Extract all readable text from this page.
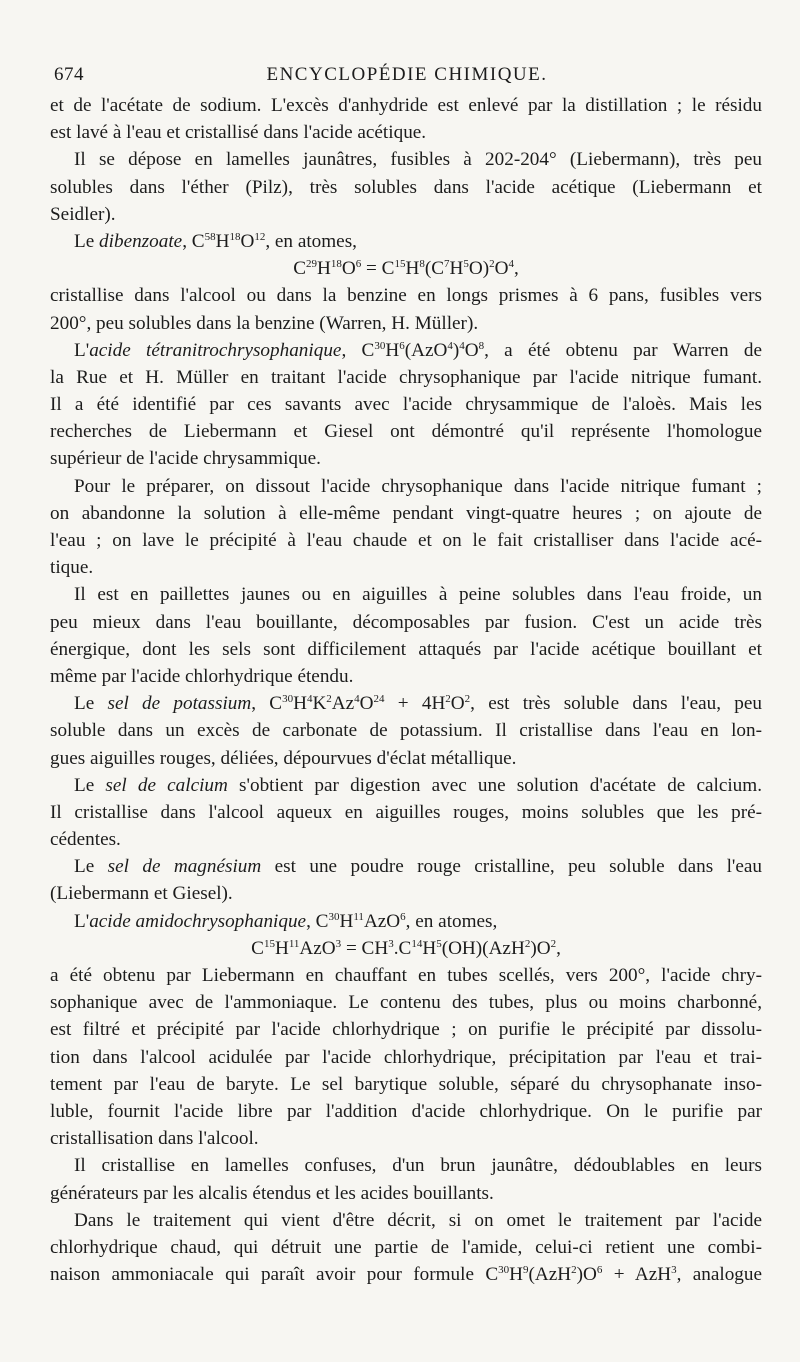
674	ENCYCLOPÉDIE CHIMIQUE.
et de l'acétate de sodium. L'excès d'anhydride est enlevé par la distillation ; le résidu
est lavé à l'eau et cristallisé dans l'acide acétique.
Il se dépose en lamelles jaunâtres, fusibles à 202-204° (Liebermann), très peu
solubles dans l'éther (Pilz), très solubles dans l'acide acétique (Liebermann et
Seidler).
Le dibenzoate, $C^{58}H^{18}O^{12}$, en atomes,
$C^{29}H^{18}O^6 = C^{15}H^8(C^7H^5O)^2O^4$,
cristallise dans l'alcool ou dans la benzine en longs prismes à 6 pans, fusibles vers
200°, peu solubles dans la benzine (Warren, H. Müller).
L'acide tétranitrochrysophanique, $C^{30}H^6(AzO^4)^4O^8$, a été obtenu par Warren de
la Rue et H. Müller en traitant l'acide chrysophanique par l'acide nitrique fumant.
Il a été identifié par ces savants avec l'acide chrysammique de l'aloès. Mais les
recherches de Liebermann et Giesel ont démontré qu'il représente l'homologue
supérieur de l'acide chrysammique.
Pour le préparer, on dissout l'acide chrysophanique dans l'acide nitrique fumant ;
on abandonne la solution à elle-même pendant vingt-quatre heures ; on ajoute de
l'eau ; on lave le précipité à l'eau chaude et on le fait cristalliser dans l'acide acé-
tique.
Il est en paillettes jaunes ou en aiguilles à peine solubles dans l'eau froide, un
peu mieux dans l'eau bouillante, décomposables par fusion. C'est un acide très
énergique, dont les sels sont difficilement attaqués par l'acide acétique bouillant et
même par l'acide chlorhydrique étendu.
Le sel de potassium, $C^{30}H^4K^2Az^4O^{24} + 4H^2O^2$, est très soluble dans l'eau, peu
soluble dans un excès de carbonate de potassium. Il cristallise dans l'eau en lon-
gues aiguilles rouges, déliées, dépourvues d'éclat métallique.
Le sel de calcium s'obtient par digestion avec une solution d'acétate de calcium.
Il cristallise dans l'alcool aqueux en aiguilles rouges, moins solubles que les pré-
cédentes.
Le sel de magnésium est une poudre rouge cristalline, peu soluble dans l'eau
(Liebermann et Giesel).
L'acide amidochrysophanique, $C^{30}H^{11}AzO^6$, en atomes,
$C^{15}H^{11}AzO^3 = CH^3.C^{14}H^5(OH)(AzH^2)O^2$,
a été obtenu par Liebermann en chauffant en tubes scellés, vers 200°, l'acide chry-
sophanique avec de l'ammoniaque. Le contenu des tubes, plus ou moins charbonné,
est filtré et précipité par l'acide chlorhydrique ; on purifie le précipité par dissolu-
tion dans l'alcool acidulée par l'acide chlorhydrique, précipitation par l'eau et trai-
tement par l'eau de baryte. Le sel barytique soluble, séparé du chrysophanate inso-
luble, fournit l'acide libre par l'addition d'acide chlorhydrique. On le purifie par
cristallisation dans l'alcool.
Il cristallise en lamelles confuses, d'un brun jaunâtre, dédoublables en leurs
générateurs par les alcalis étendus et les acides bouillants.
Dans le traitement qui vient d'être décrit, si on omet le traitement par l'acide
chlorhydrique chaud, qui détruit une partie de l'amide, celui-ci retient une combi-
naison ammoniacale qui paraît avoir pour formule $C^{30}H^9(AzH^2)O^6 + AzH^3$, analogue
